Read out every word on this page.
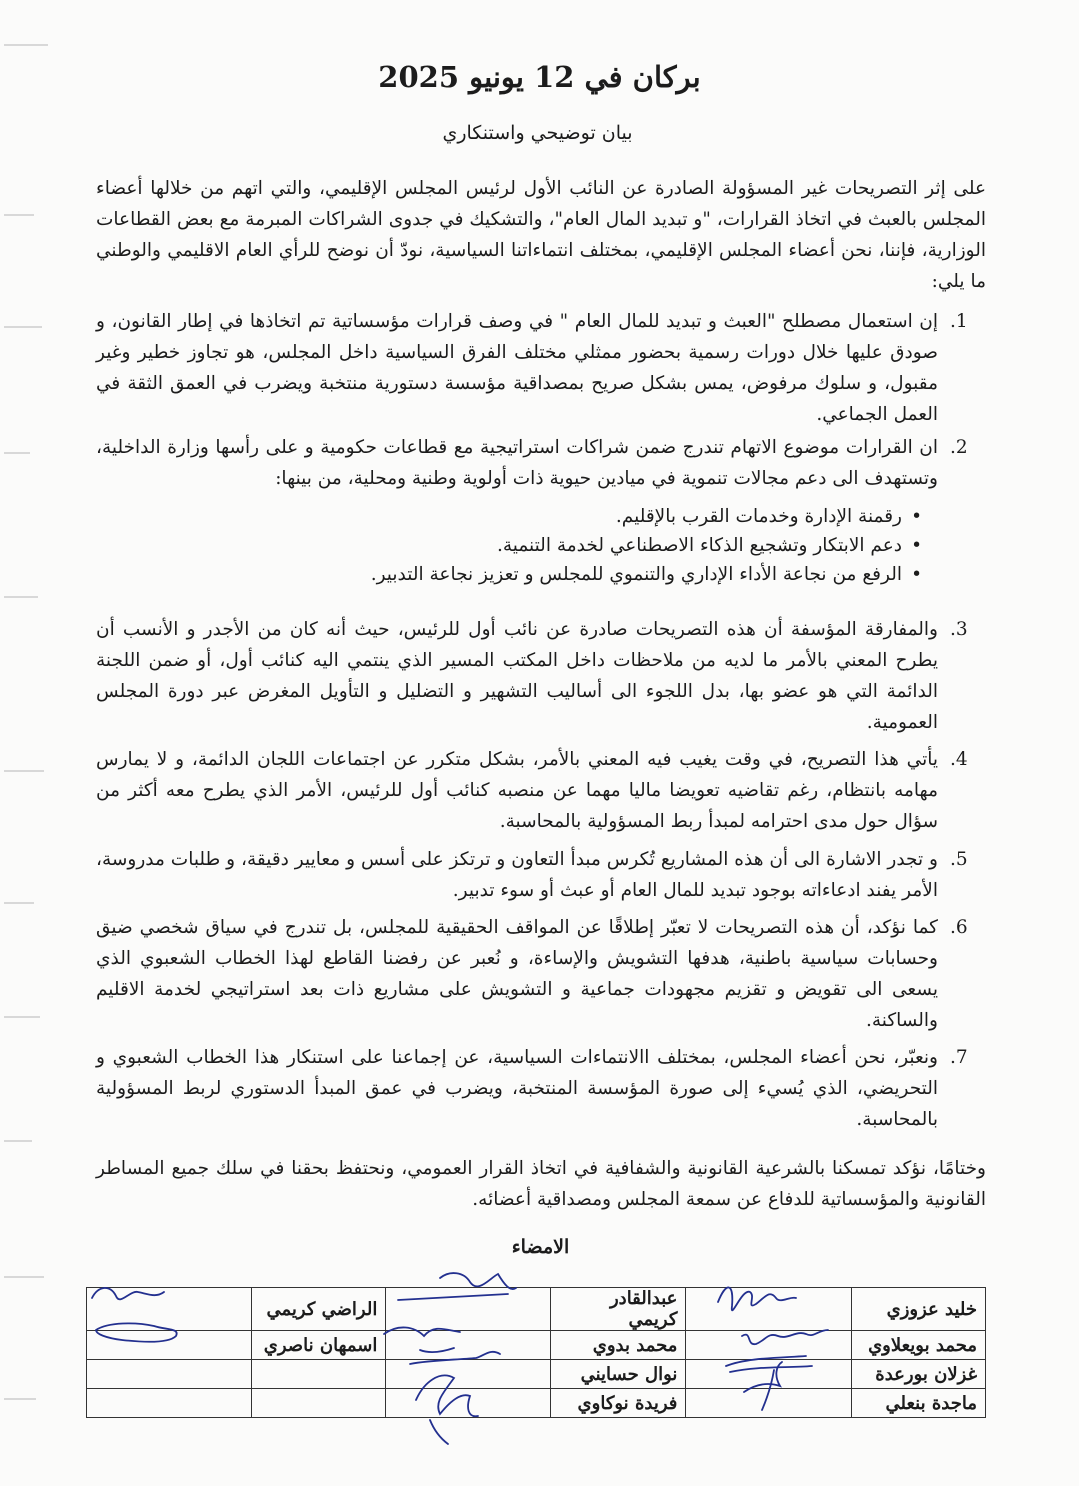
بركان في 12 يونيو 2025
بيان توضيحي واستنكاري
على إثر التصريحات غير المسؤولة الصادرة عن النائب الأول لرئيس المجلس الإقليمي، والتي اتهم من خلالها أعضاء المجلس بالعبث في اتخاذ القرارات، "و تبديد المال العام"، والتشكيك في جدوى الشراكات المبرمة مع بعض القطاعات الوزارية، فإننا، نحن أعضاء المجلس الإقليمي، بمختلف انتماءاتنا السياسية، نودّ أن نوضح للرأي العام الاقليمي والوطني ما يلي:
.1
إن استعمال مصطلح "العبث و تبديد للمال العام " في وصف قرارات مؤسساتية تم اتخاذها في إطار القانون، و صودق عليها خلال دورات رسمية بحضور ممثلي مختلف الفرق السياسية داخل المجلس، هو تجاوز خطير وغير مقبول، و سلوك مرفوض، يمس بشكل صريح بمصداقية مؤسسة دستورية منتخبة ويضرب في العمق الثقة في العمل الجماعي.
.2
ان القرارات موضوع الاتهام تندرج ضمن شراكات استراتيجية مع قطاعات حكومية و على رأسها وزارة الداخلية، وتستهدف الى دعم مجالات تنموية في ميادين حيوية ذات أولوية وطنية ومحلية، من بينها:
• رقمنة الإدارة وخدمات القرب بالإقليم.
• دعم الابتكار وتشجيع الذكاء الاصطناعي لخدمة التنمية.
• الرفع من نجاعة الأداء الإداري والتنموي للمجلس و تعزيز نجاعة التدبير.
.3
والمفارقة المؤسفة أن هذه التصريحات صادرة عن نائب أول للرئيس، حيث أنه كان من الأجدر و الأنسب أن يطرح المعني بالأمر ما لديه من ملاحظات داخل المكتب المسير الذي ينتمي اليه كنائب أول، أو ضمن اللجنة الدائمة التي هو عضو بها، بدل اللجوء الى أساليب التشهير و التضليل و التأويل المغرض عبر دورة المجلس العمومية.
.4
يأتي هذا التصريح، في وقت يغيب فيه المعني بالأمر، بشكل متكرر عن اجتماعات اللجان الدائمة، و لا يمارس مهامه بانتظام، رغم تقاضيه تعويضا ماليا مهما عن منصبه كنائب أول للرئيس، الأمر الذي يطرح معه أكثر من سؤال حول مدى احترامه لمبدأ ربط المسؤولية بالمحاسبة.
.5
و تجدر الاشارة الى أن هذه المشاريع تُكرس مبدأ التعاون و ترتكز على أسس و معايير دقيقة، و طلبات مدروسة، الأمر يفند ادعاءاته بوجود تبديد للمال العام أو عبث أو سوء تدبير.
.6
كما نؤكد، أن هذه التصريحات لا تعبّر إطلاقًا عن المواقف الحقيقية للمجلس، بل تندرج في سياق شخصي ضيق وحسابات سياسية باطنية، هدفها التشويش والإساءة، و نُعبر عن رفضنا القاطع لهذا الخطاب الشعبوي الذي يسعى الى تقويض و تقزيم مجهودات جماعية و التشويش على مشاريع ذات بعد استراتيجي لخدمة الاقليم والساكنة.
.7
ونعبّر، نحن أعضاء المجلس، بمختلف االانتماءات السياسية، عن إجماعنا على استنكار هذا الخطاب الشعبوي و التحريضي، الذي يُسيء إلى صورة المؤسسة المنتخبة، ويضرب في عمق المبدأ الدستوري لربط المسؤولية بالمحاسبة.
وختامًا، نؤكد تمسكنا بالشرعية القانونية والشفافية في اتخاذ القرار العمومي، ونحتفظ بحقنا في سلك جميع المساطر القانونية والمؤسساتية للدفاع عن سمعة المجلس ومصداقية أعضائه.
الامضاء
خليد عزوزي		عبدالقادر كريمي		الراضي كريمي	
محمد بويعلاوي		محمد بدوي		اسمهان ناصري	
غزلان بورعدة		نوال حسايني			
ماجدة بنعلي		فريدة نوكاوي			
